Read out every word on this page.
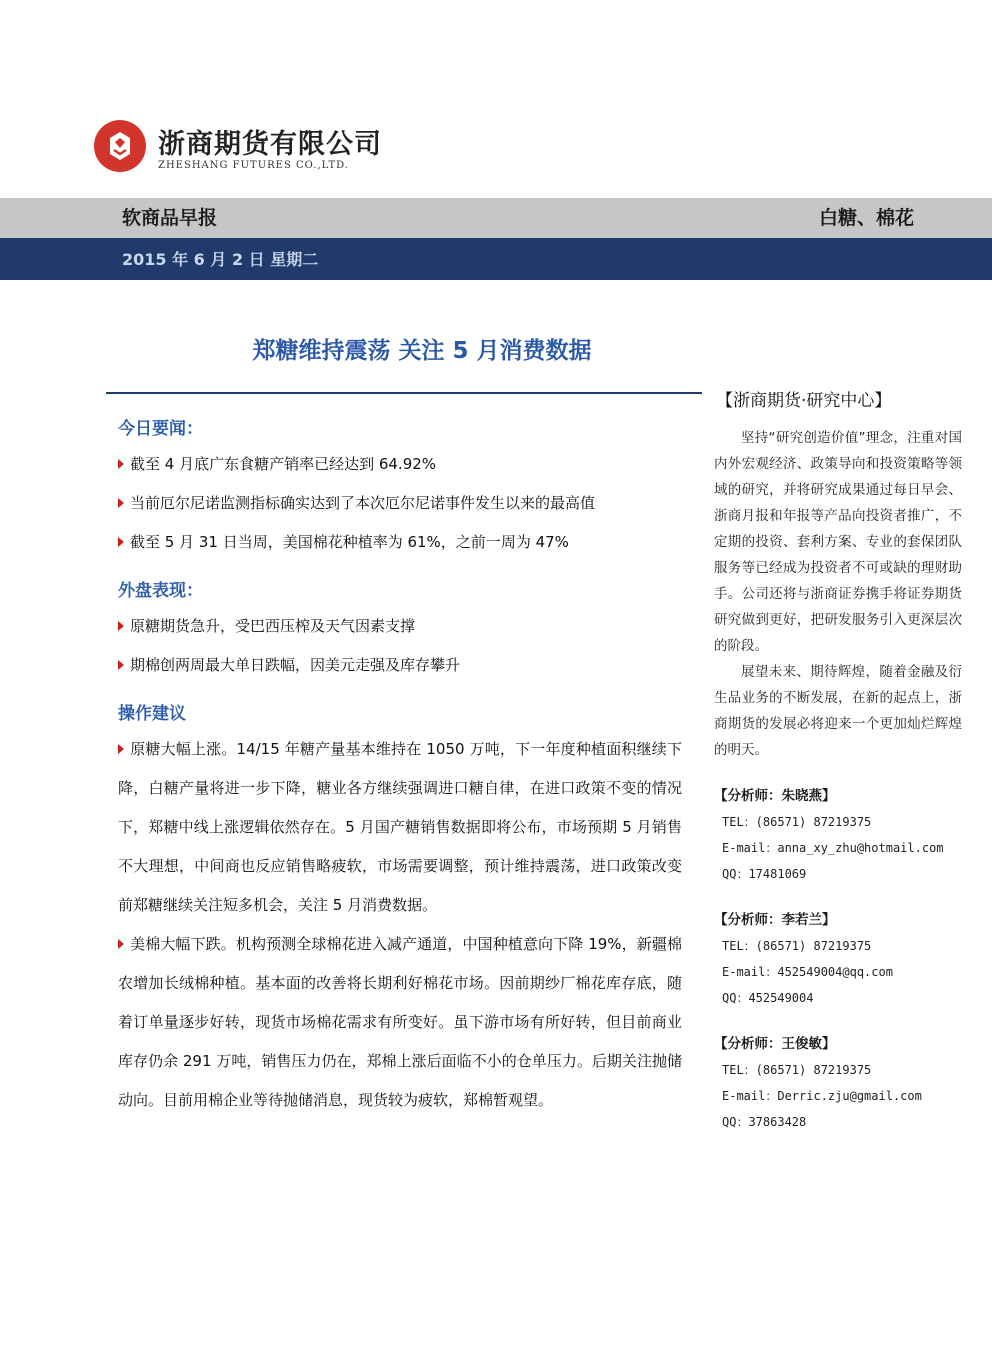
浙商期货有限公司
ZHESHANG FUTURES CO.,LTD.
软商品早报	白糖、棉花
2015 年 6 月 2 日 星期二
郑糖维持震荡 关注 5 月消费数据
今日要闻：

截至 4 月底广东食糖产销率已经达到 64.92%

当前厄尔尼诺监测指标确实达到了本次厄尔尼诺事件发生以来的最高值

截至 5 月 31 日当周，美国棉花种植率为 61%，之前一周为 47%

外盘表现：

原糖期货急升，受巴西压榨及天气因素支撑

期棉创两周最大单日跌幅，因美元走强及库存攀升

操作建议

原糖大幅上涨。14/15 年糖产量基本维持在 1050 万吨，下一年度种植面积继续下降，白糖产量将进一步下降，糖业各方继续强调进口糖自律，在进口政策不变的情况下，郑糖中线上涨逻辑依然存在。5 月国产糖销售数据即将公布，市场预期 5 月销售不大理想，中间商也反应销售略疲软，市场需要调整，预计维持震荡，进口政策改变前郑糖继续关注短多机会，关注 5 月消费数据。

美棉大幅下跌。机构预测全球棉花进入减产通道，中国种植意向下降 19%，新疆棉农增加长绒棉种植。基本面的改善将长期利好棉花市场。因前期纱厂棉花库存底，随着订单量逐步好转，现货市场棉花需求有所变好。虽下游市场有所好转，但目前商业库存仍余 291 万吨，销售压力仍在，郑棉上涨后面临不小的仓单压力。后期关注抛储动向。目前用棉企业等待抛储消息，现货较为疲软，郑棉暂观望。

【浙商期货·研究中心】

坚持“研究创造价值”理念，注重对国内外宏观经济、政策导向和投资策略等领域的研究，并将研究成果通过每日早会、浙商月报和年报等产品向投资者推广，不定期的投资、套利方案、专业的套保团队服务等已经成为投资者不可或缺的理财助手。公司还将与浙商证券携手将证券期货研究做到更好，把研发服务引入更深层次的阶段。

展望未来、期待辉煌，随着金融及衍生品业务的不断发展，在新的起点上，浙商期货的发展必将迎来一个更加灿烂辉煌的明天。

【分析师：朱晓燕】
TEL：(86571) 87219375
E-mail：anna_xy_zhu@hotmail.com
QQ：17481069
【分析师：李若兰】
TEL：(86571) 87219375
E-mail：452549004@qq.com
QQ：452549004
【分析师：王俊敏】
TEL：(86571) 87219375
E-mail：Derric.zju@gmail.com
QQ：37863428
